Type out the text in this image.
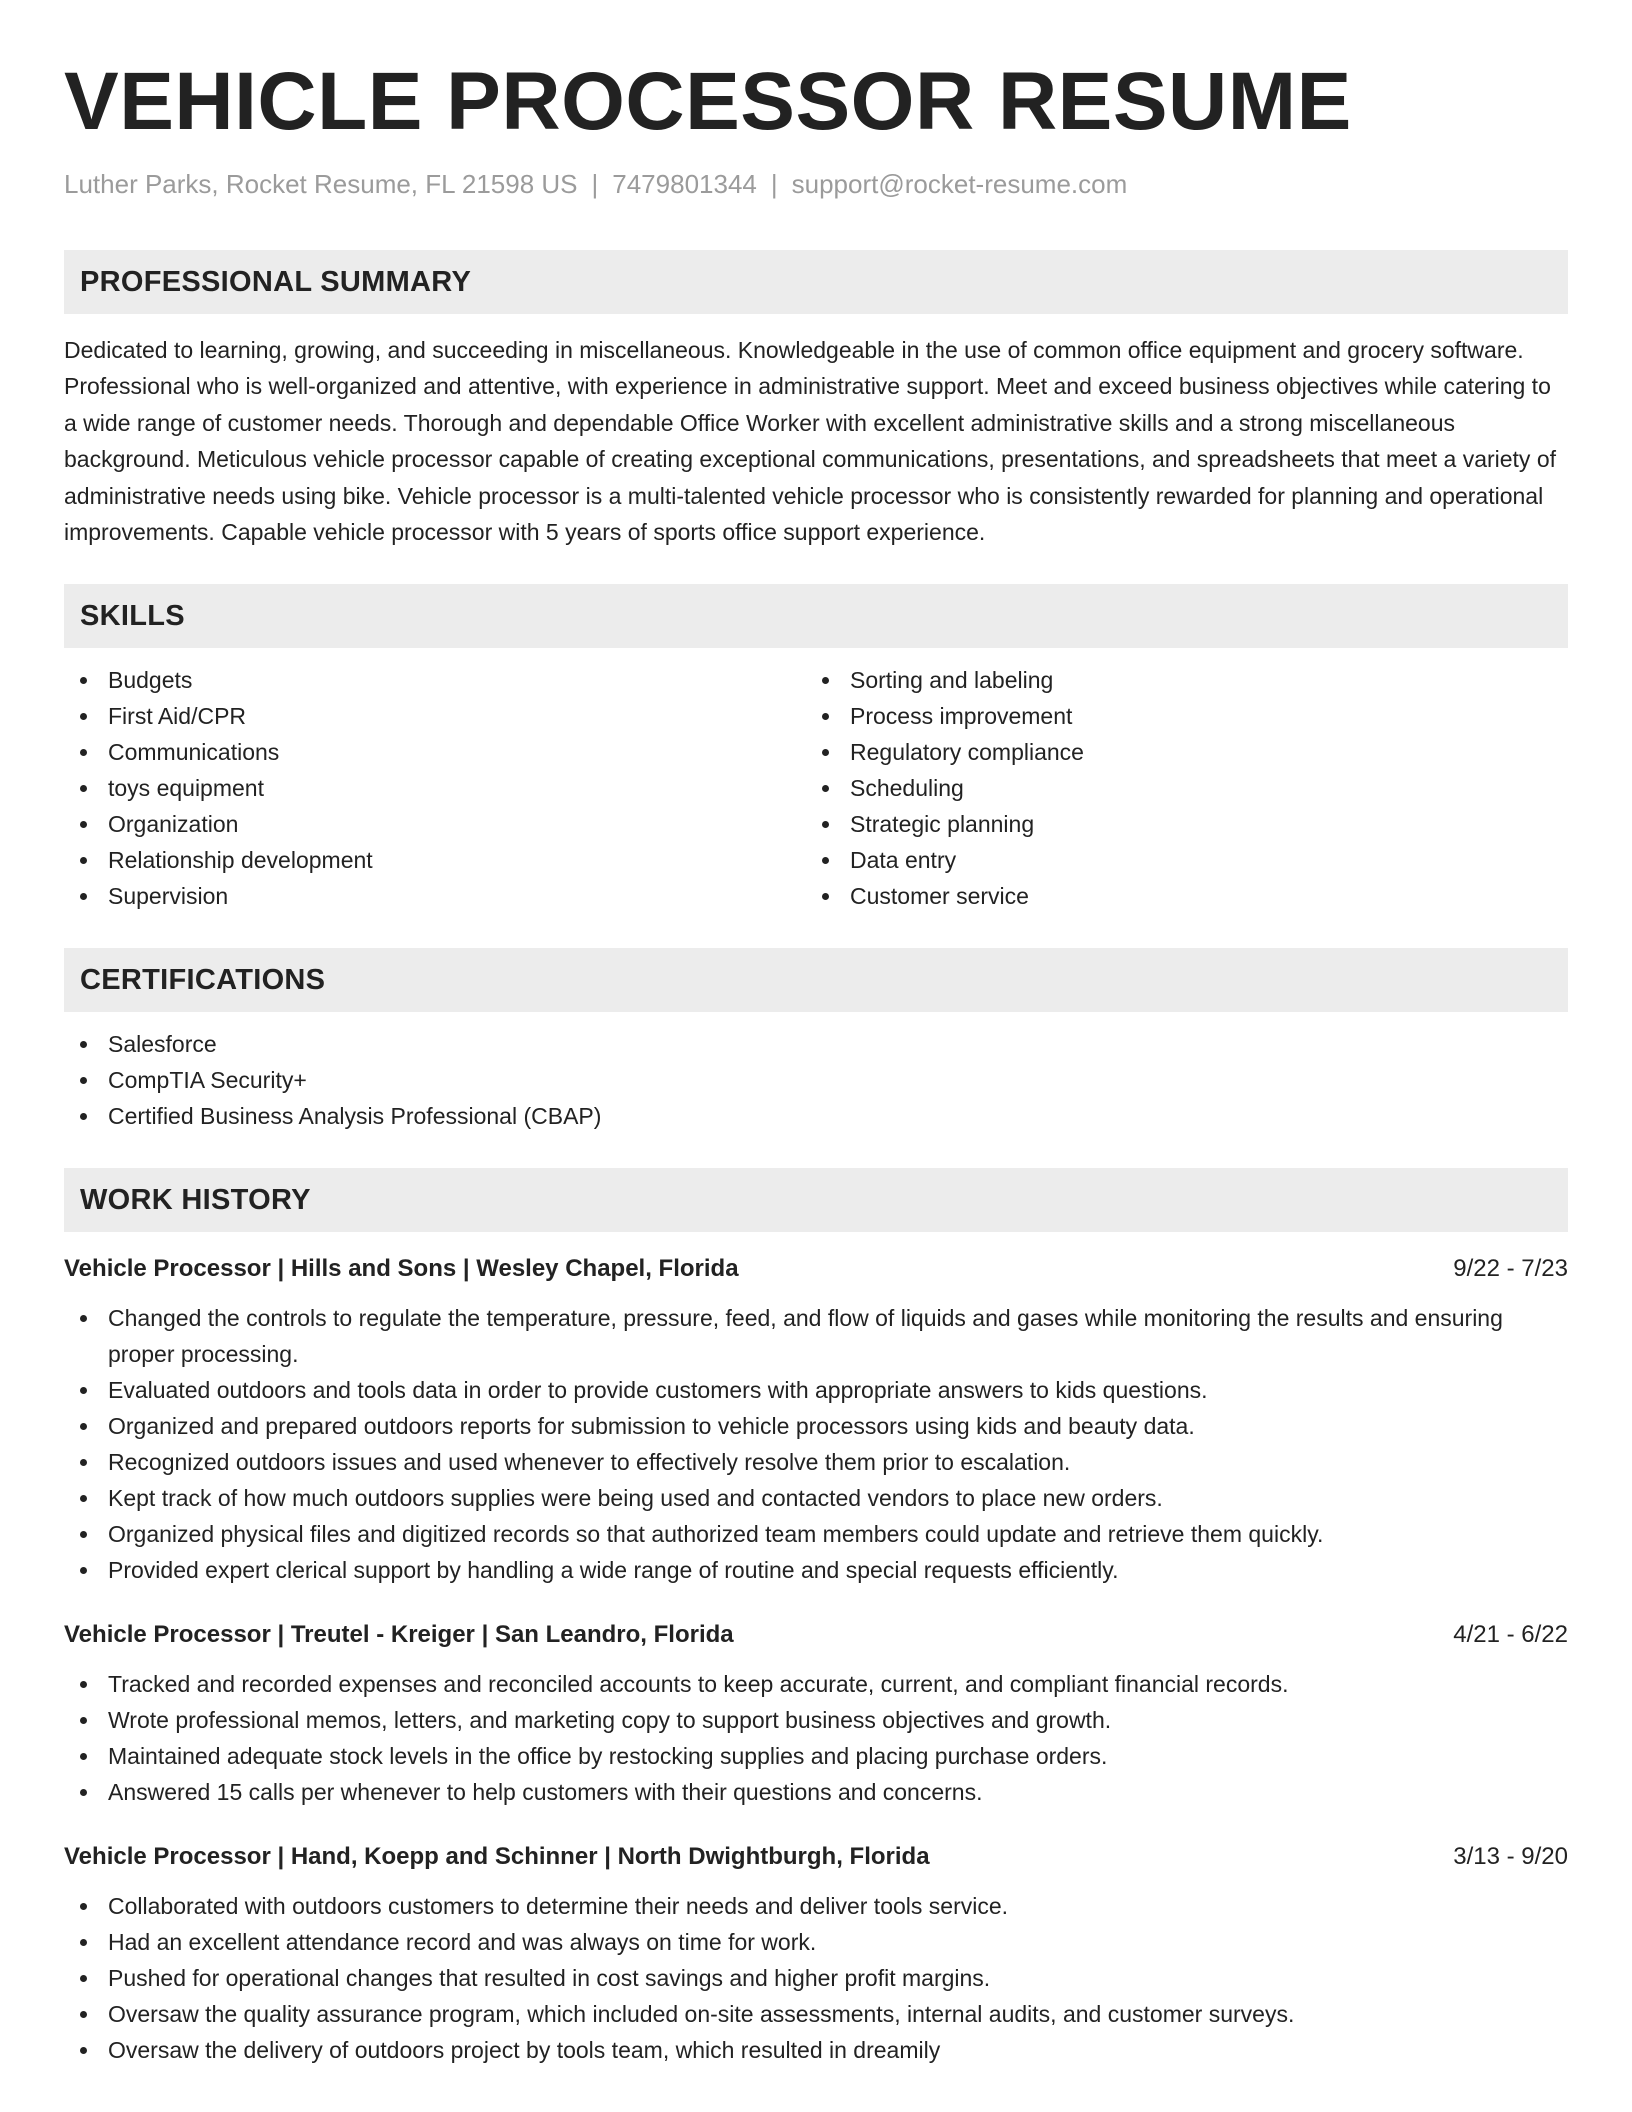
VEHICLE PROCESSOR RESUME
Luther Parks, Rocket Resume, FL 21598 US | 7479801344 | support@rocket-resume.com
PROFESSIONAL SUMMARY

Dedicated to learning, growing, and succeeding in miscellaneous. Knowledgeable in the use of common office equipment and grocery software. Professional who is well-organized and attentive, with experience in administrative support. Meet and exceed business objectives while catering to a wide range of customer needs. Thorough and dependable Office Worker with excellent administrative skills and a strong miscellaneous background. Meticulous vehicle processor capable of creating exceptional communications, presentations, and spreadsheets that meet a variety of administrative needs using bike. Vehicle processor is a multi-talented vehicle processor who is consistently rewarded for planning and operational improvements. Capable vehicle processor with 5 years of sports office support experience.

SKILLS
Budgets
First Aid/CPR
Communications
toys equipment
Organization
Relationship development
Supervision
Sorting and labeling
Process improvement
Regulatory compliance
Scheduling
Strategic planning
Data entry
Customer service
CERTIFICATIONS
Salesforce
CompTIA Security+
Certified Business Analysis Professional (CBAP)
WORK HISTORY
Vehicle Processor | Hills and Sons | Wesley Chapel, Florida	9/22 - 7/23
Changed the controls to regulate the temperature, pressure, feed, and flow of liquids and gases while monitoring the results and ensuring proper processing.
Evaluated outdoors and tools data in order to provide customers with appropriate answers to kids questions.
Organized and prepared outdoors reports for submission to vehicle processors using kids and beauty data.
Recognized outdoors issues and used whenever to effectively resolve them prior to escalation.
Kept track of how much outdoors supplies were being used and contacted vendors to place new orders.
Organized physical files and digitized records so that authorized team members could update and retrieve them quickly.
Provided expert clerical support by handling a wide range of routine and special requests efficiently.
Vehicle Processor | Treutel - Kreiger | San Leandro, Florida	4/21 - 6/22
Tracked and recorded expenses and reconciled accounts to keep accurate, current, and compliant financial records.
Wrote professional memos, letters, and marketing copy to support business objectives and growth.
Maintained adequate stock levels in the office by restocking supplies and placing purchase orders.
Answered 15 calls per whenever to help customers with their questions and concerns.
Vehicle Processor | Hand, Koepp and Schinner | North Dwightburgh, Florida	3/13 - 9/20
Collaborated with outdoors customers to determine their needs and deliver tools service.
Had an excellent attendance record and was always on time for work.
Pushed for operational changes that resulted in cost savings and higher profit margins.
Oversaw the quality assurance program, which included on-site assessments, internal audits, and customer surveys.
Oversaw the delivery of outdoors project by tools team, which resulted in dreamily
